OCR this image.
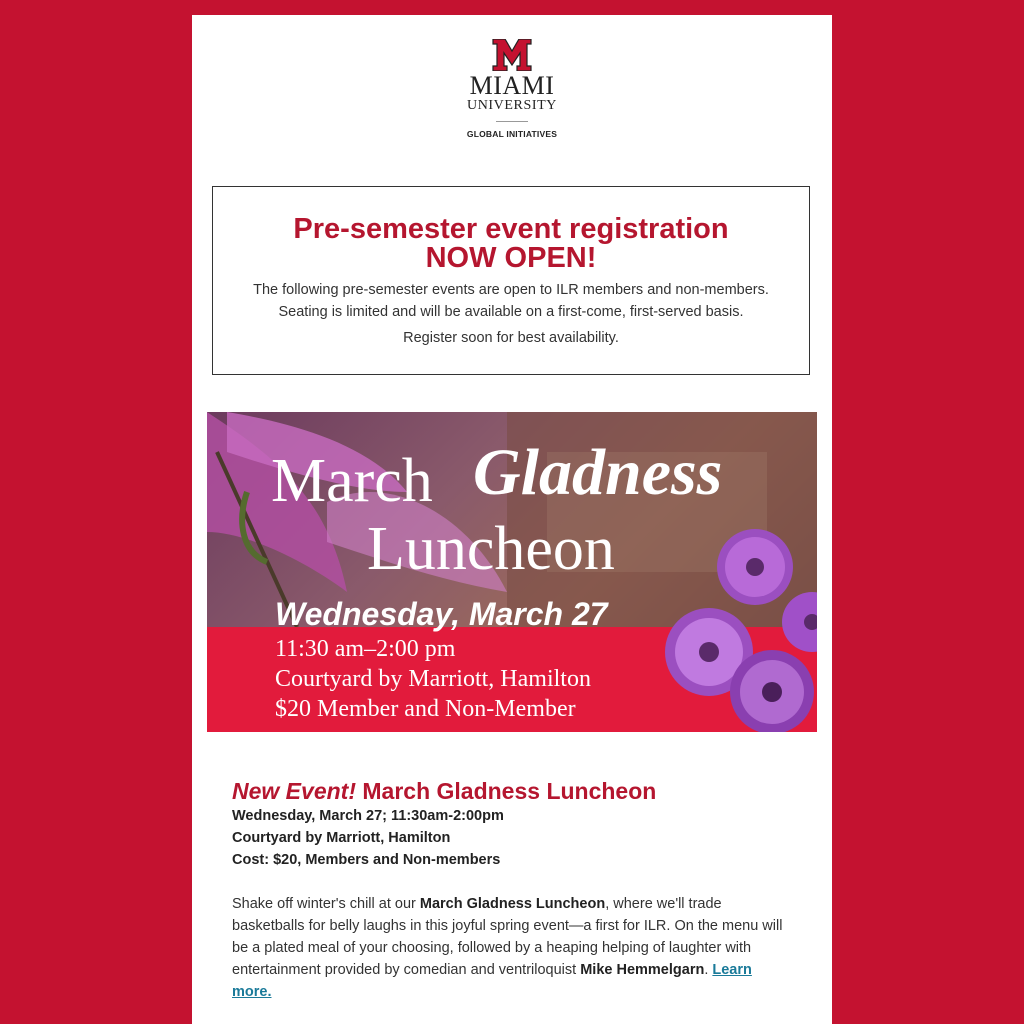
MIAMI
UNIVERSITY
GLOBAL INITIATIVES
Pre-semester event registration
NOW OPEN!

The following pre-semester events are open to ILR members and non-members. Seating is limited and will be available on a first-come, first-served basis.

Register soon for best availability.

March Gladness
Luncheon
Wednesday, March 27
11:30 am–2:00 pm
Courtyard by Marriott, Hamilton
$20 Member and Non-Member
New Event! March Gladness Luncheon
Wednesday, March 27; 11:30am-2:00pm
Courtyard by Marriott, Hamilton
Cost: $20, Members and Non-members
Shake off winter's chill at our March Gladness Luncheon, where we'll trade basketballs for belly laughs in this joyful spring event—a first for ILR. On the menu will be a plated meal of your choosing, followed by a heaping helping of laughter with entertainment provided by comedian and ventriloquist Mike Hemmelgarn. Learn more.
